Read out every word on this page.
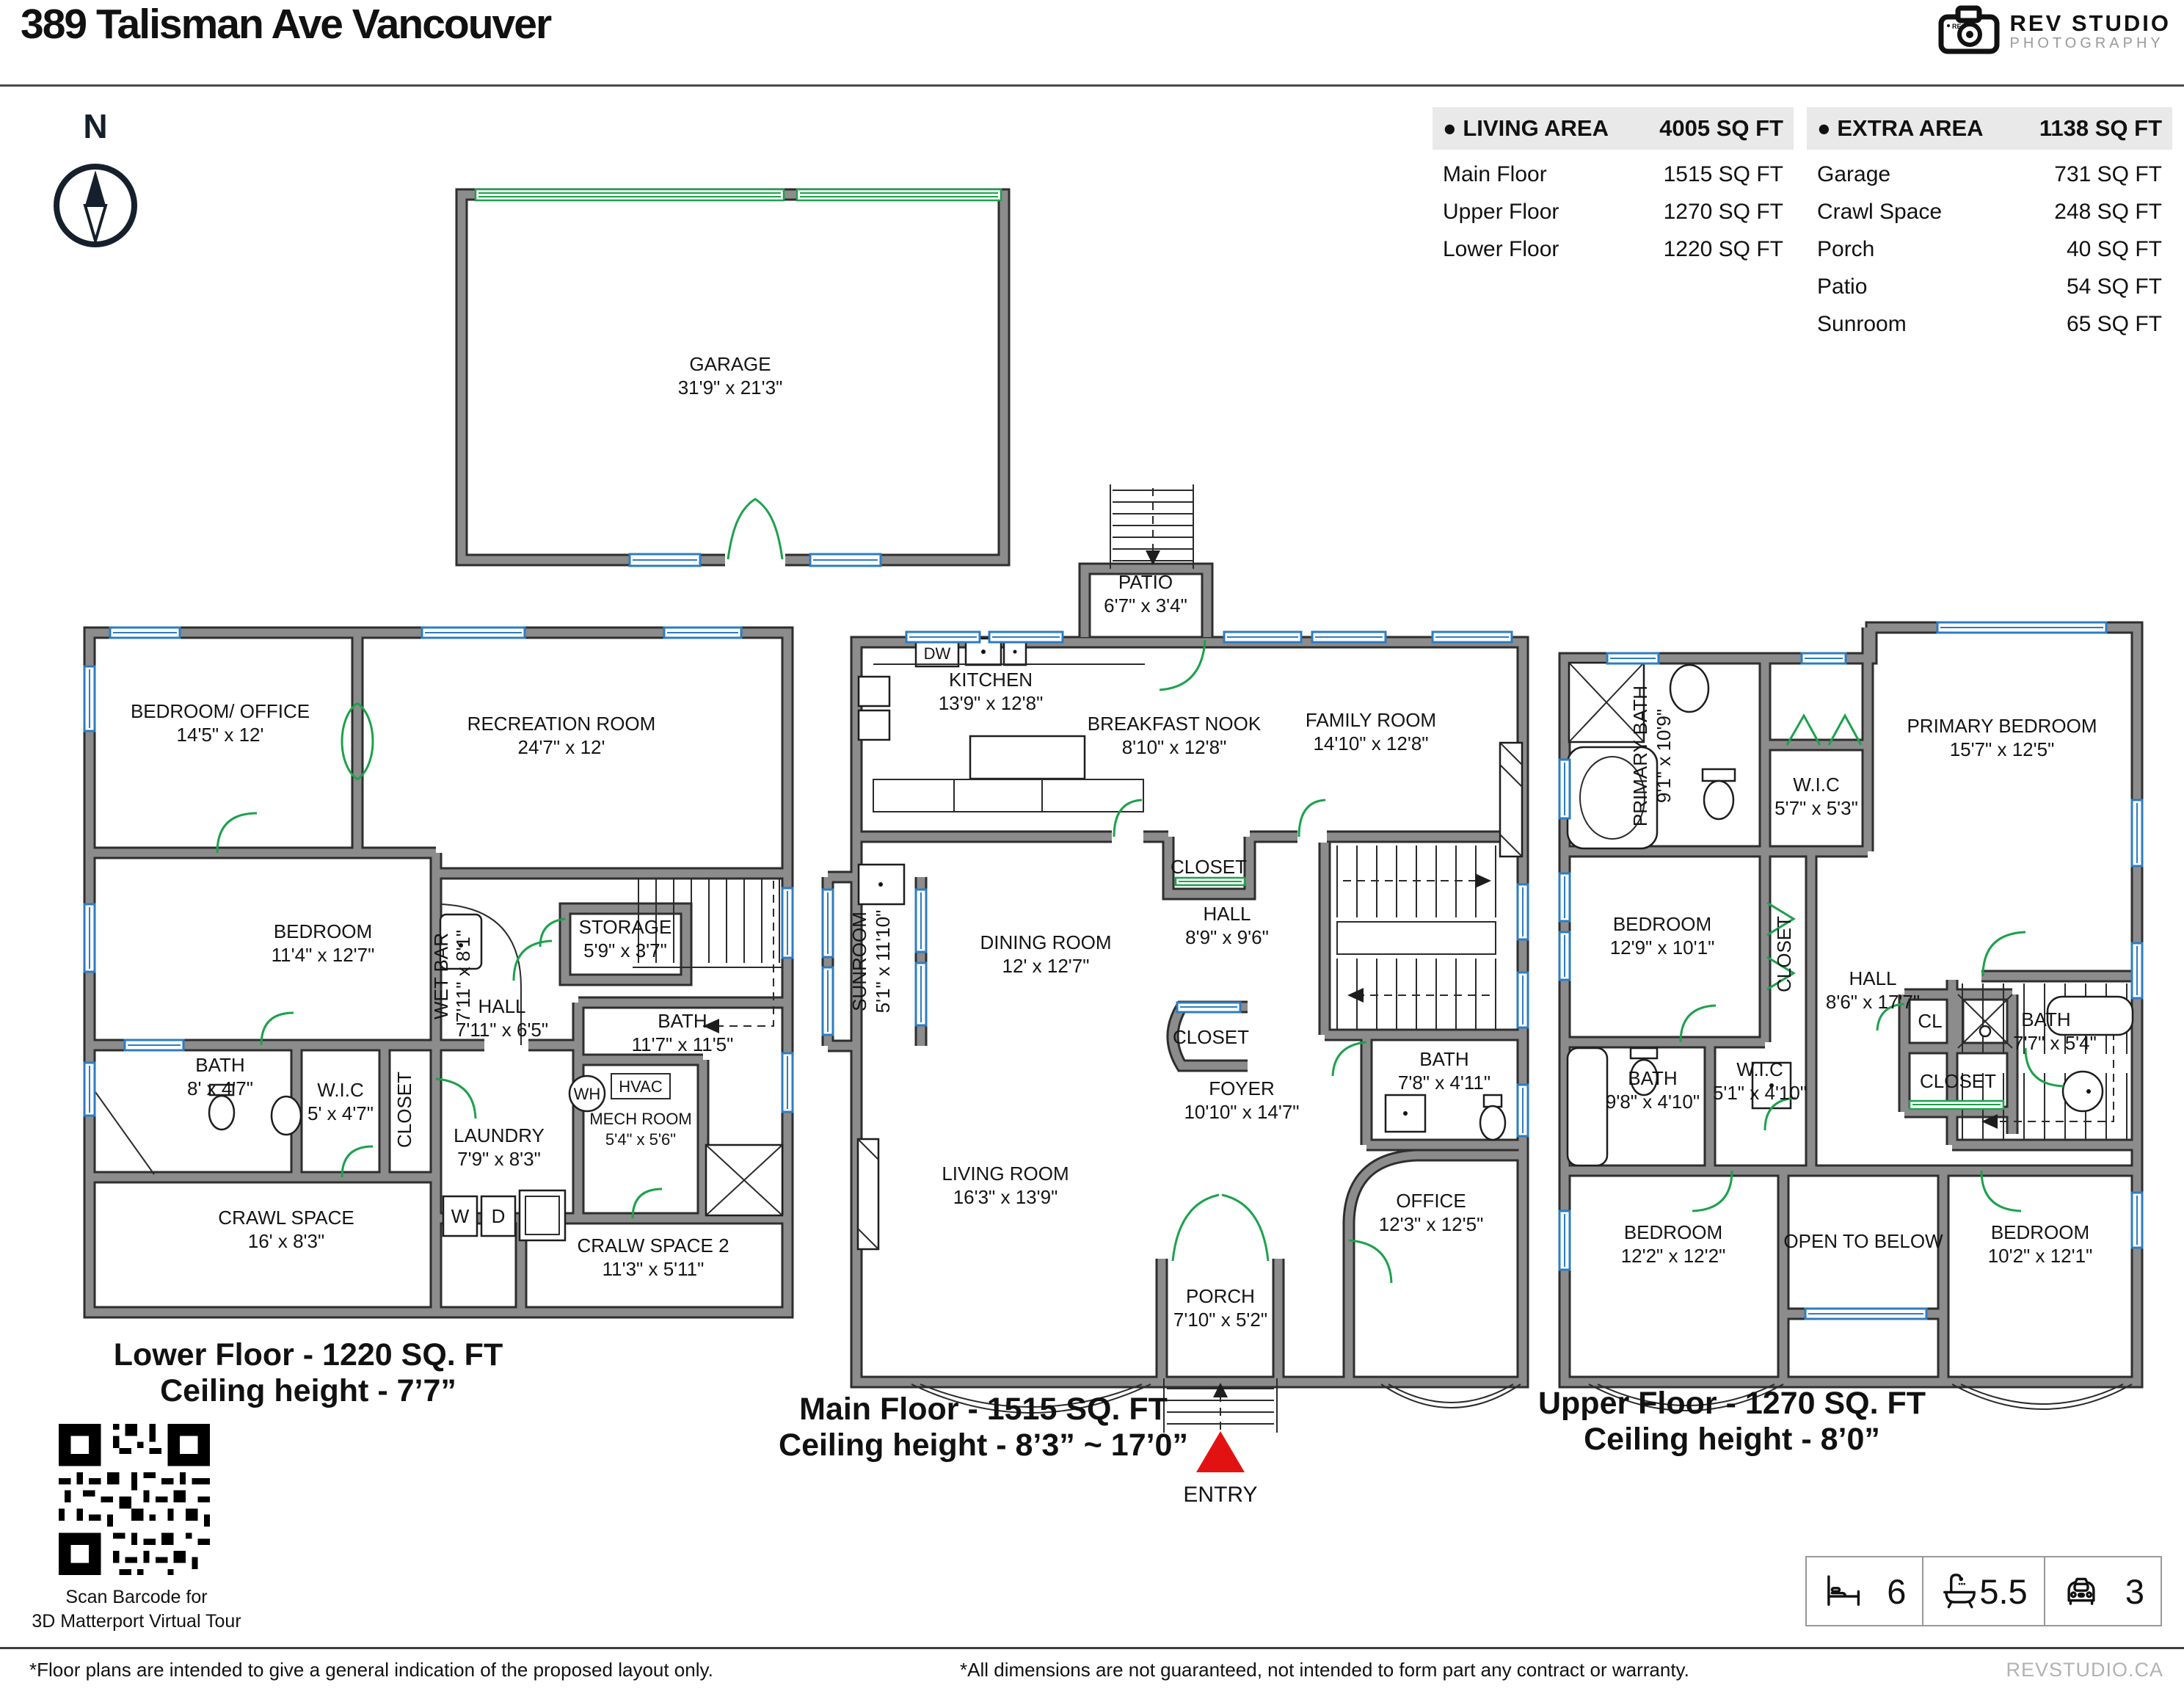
389 Talisman Ave Vancouver	REC REV STUDIO
PHOTOGRAPHY
N	● LIVING AREA 4005 SQ FT
Main Floor	1515 SQ FT
Upper Floor	1270 SQ FT
Lower Floor	1220 SQ FT
● EXTRA AREA 1138 SQ FT
Garage	731 SQ FT
Crawl Space	248 SQ FT
Porch	40 SQ FT
Patio	54 SQ FT
Sunroom	65 SQ FT
GARAGE
31'9" x 21'3"
BEDROOM/ OFFICE
14'5" x 12'	RECREATION ROOM
24'7" x 12'
BEDROOM
11'4" x 12'7"	WET BAR 7'11" x 8'1"
STORAGE
5'9" x 3'7"
HALL
7'11" x 6'5"
BATH
8' x 4'7"	W.I.C
5' x 4'7" CLOSET
BATH
11'7" x 11'5"
WH HVAC
MECH ROOM
5'4" x 5'6"
LAUNDRY
7'9" x 8'3"
CRAWL SPACE
16' x 8'3"
W D
CRALW SPACE 2
11'3" x 5'11"
PATIO
6'7" x 3'4"
DW
KITCHEN
13'9" x 12'8"
BREAKFAST NOOK
8'10" x 12'8"
FAMILY ROOM
14'10" x 12'8"
CLOSET
HALL
8'9" x 9'6"
SUNROOM 5'1" x 11'10"	DINING ROOM
12' x 12'7"
CLOSET
BATH
7'8" x 4'11"
FOYER
10'10" x 14'7"
LIVING ROOM
16'3" x 13'9"	OFFICE
12'3" x 12'5"
PORCH
7'10" x 5'2"
ENTRY
PRIMARY BATH 9'1" x 10'9"	W.I.C
5'7" x 5'3"
PRIMARY BEDROOM
15'7" x 12'5"
BEDROOM
12'9" x 10'1"	CLOSET	HALL
8'6" x 17'7"
BATH
9'8" x 4'10"
W.I.C
5'1" x 4'10"
CL	BATH
7'7" x 5'4"
CLOSET
BEDROOM
12'2" x 12'2"
OPEN TO BELOW	BEDROOM
10'2" x 12'1"
Lower Floor - 1220 SQ. FT
Ceiling height - 7’7”
Main Floor - 1515 SQ. FT
Ceiling height - 8’3” ~ 17’0”
Upper Floor - 1270 SQ. FT
Ceiling height - 8’0”
Scan Barcode for
3D Matterport Virtual Tour
6 5.5	3
*Floor plans are intended to give a general indication of the proposed layout only.	*All dimensions are not guaranteed, not intended to form part any contract or warranty.	REVSTUDIO.CA
